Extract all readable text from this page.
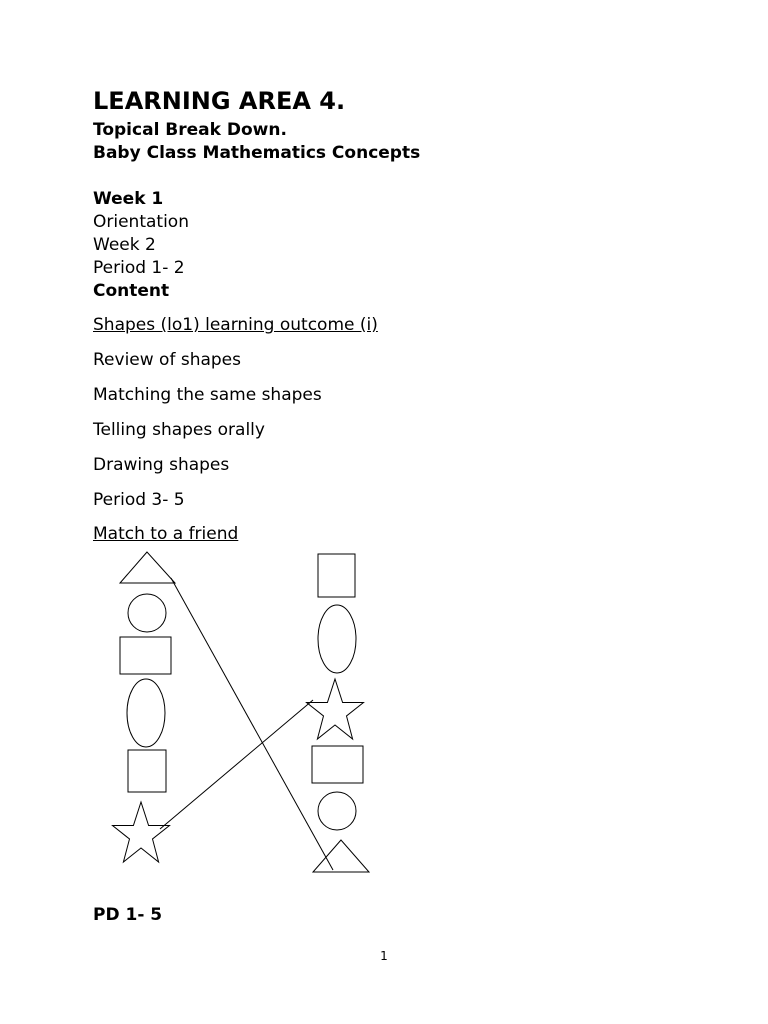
LEARNING AREA 4.

Topical Break Down.

Baby Class Mathematics Concepts

Week 1

Orientation

Week 2

Period 1- 2

Content

Shapes (lo1) learning outcome (i)

Review of shapes

Matching the same shapes

Telling shapes orally

Drawing shapes

Period 3- 5

Match to a friend

PD 1- 5

1
